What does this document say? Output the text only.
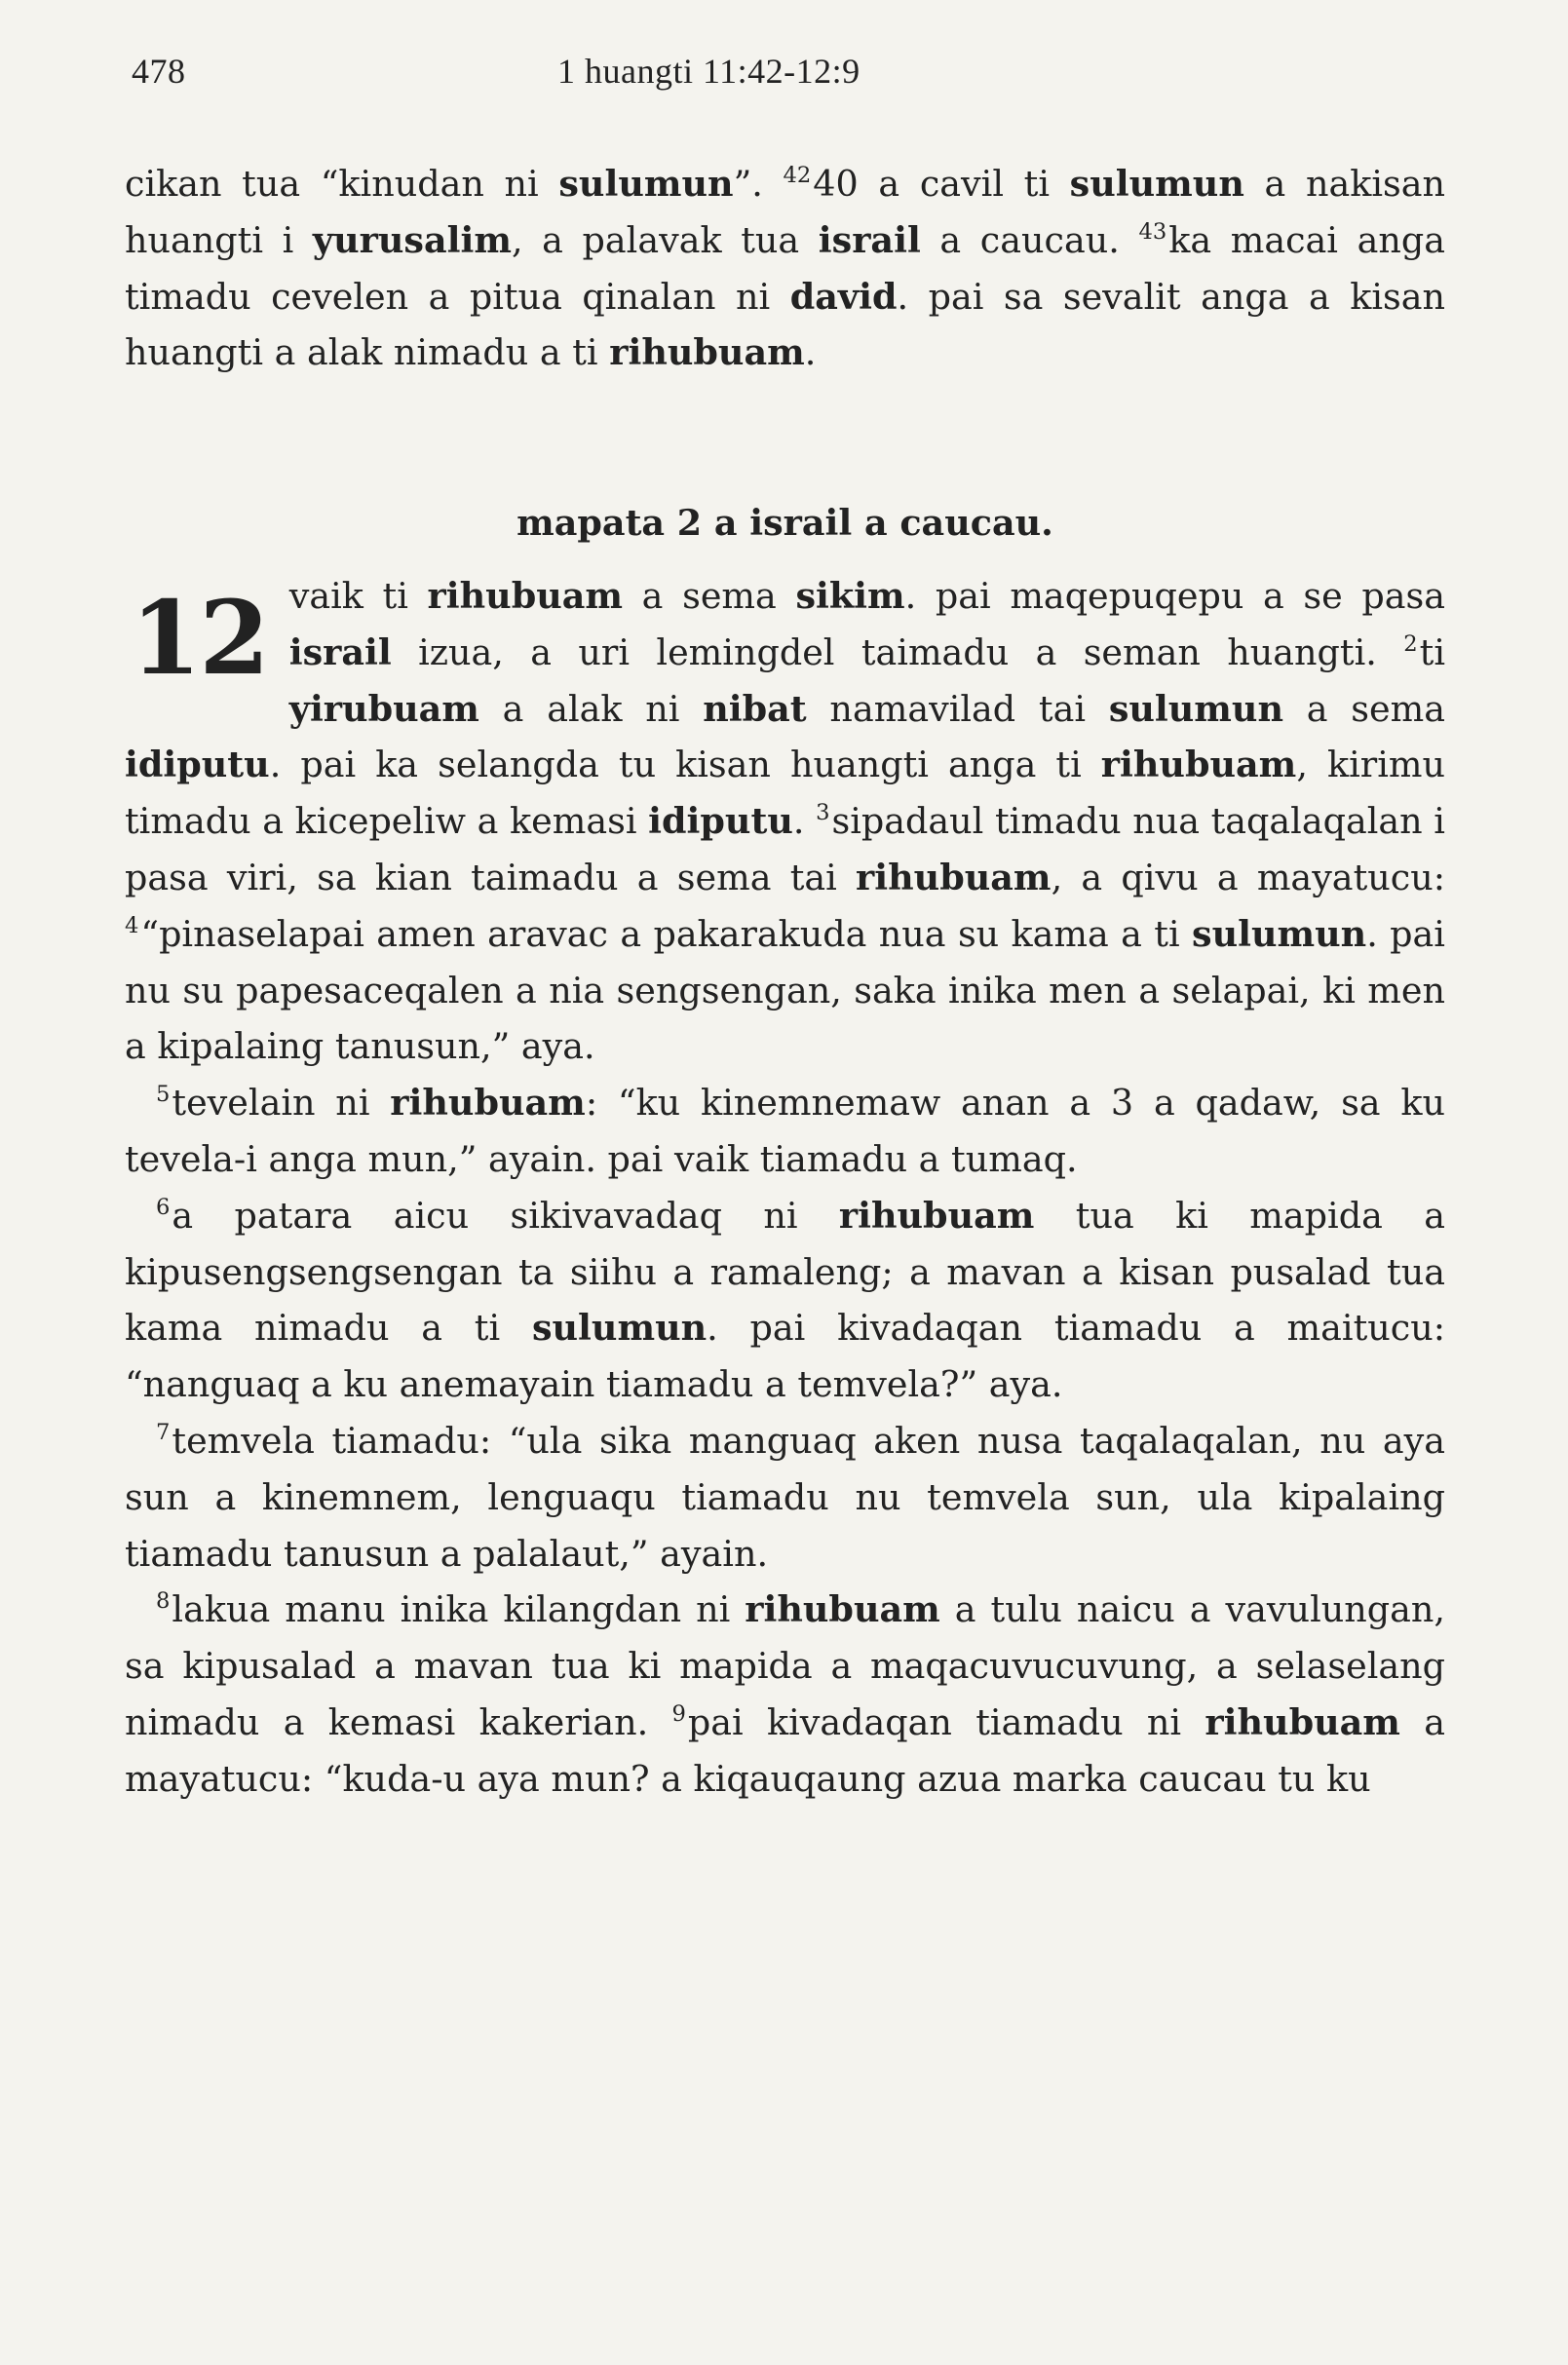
478	1 huangti 11:42-12:9

cikan tua “kinudan ni sulumun”. $^{42}$40 a cavil ti sulumun a nakisan huangti i yurusalim, a palavak tua israil a caucau. $^{43}$ka macai anga timadu cevelen a pitua qinalan ni david. pai sa sevalit anga a kisan huangti a alak nimadu a ti rihubuam.

mapata 2 a israil a caucau.
12 vaik ti rihubuam a sema sikim. pai maqepuqepu a se pasa israil izua, a uri lemingdel taimadu a seman huangti. $^2$ti yirubuam a alak ni nibat namavilad tai sulumun a sema idiputu. pai ka selangda tu kisan huangti anga ti rihubuam, kirimu timadu a kicepeliw a kemasi idiputu. $^3$sipadaul timadu nua taqalaqalan i pasa viri, sa kian taimadu a sema tai rihubuam, a qivu a mayatucu: $^4$“pinaselapai amen aravac a pakarakuda nua su kama a ti sulumun. pai nu su papesaceqalen a nia sengsengan, saka inika men a selapai, ki men a kipalaing tanusun,” aya.

$^5$tevelain ni rihubuam: “ku kinemnemaw anan a 3 a qadaw, sa ku tevela-i anga mun,” ayain. pai vaik tiamadu a tumaq.

$^6$a patara aicu sikivavadaq ni rihubuam tua ki mapida a kipusengsengsengan ta siihu a ramaleng; a mavan a kisan pusalad tua kama nimadu a ti sulumun. pai kivadaqan tiamadu a maitucu: “nanguaq a ku anemayain tiamadu a temvela?” aya.

$^7$temvela tiamadu: “ula sika manguaq aken nusa taqalaqalan, nu aya sun a kinemnem, lenguaqu tiamadu nu temvela sun, ula kipalaing tiamadu tanusun a palalaut,” ayain.

$^8$lakua manu inika kilangdan ni rihubuam a tulu naicu a vavulungan, sa kipusalad a mavan tua ki mapida a maqacuvucuvung, a selaselang nimadu a kemasi kakerian. $^9$pai kivadaqan tiamadu ni rihubuam a mayatucu: “kuda-u aya mun? a kiqauqaung azua marka caucau tu ku
